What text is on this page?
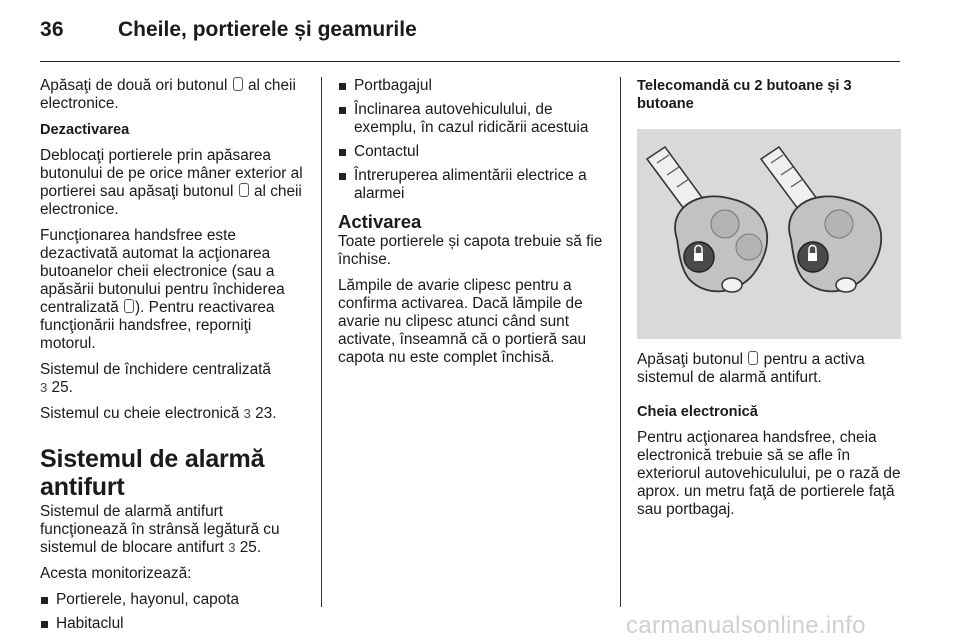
36	Cheile, portierele și geamurile

Apăsaţi de două ori butonul al cheii electronice.

Dezactivarea

Deblocaţi portierele prin apăsarea butonului de pe orice mâner exterior al portierei sau apăsaţi butonul al cheii electronice.

Funcţionarea handsfree este dezactivată automat la acţionarea butoanelor cheii electronice (sau a apăsării butonului pentru închiderea centralizată ). Pentru reactivarea funcţionării handsfree, reporniţi motorul.

Sistemul de închidere centralizată
3 25.

Sistemul cu cheie electronică 3 23.

Sistemul de alarmă antifurt

Sistemul de alarmă antifurt funcţionează în strânsă legătură cu sistemul de blocare antifurt 3 25.

Acesta monitorizează:

Portierele, hayonul, capota
Habitaclul
Portbagajul
Înclinarea autovehiculului, de exemplu, în cazul ridicării acestuia
Contactul
Întreruperea alimentării electrice a alarmei
Activarea

Toate portierele și capota trebuie să fie închise.

Lămpile de avarie clipesc pentru a confirma activarea. Dacă lămpile de avarie nu clipesc atunci când sunt activate, înseamnă că o portieră sau capota nu este complet închisă.

Telecomandă cu 2 butoane și 3 butoane

Apăsaţi butonul pentru a activa sistemul de alarmă antifurt.

Cheia electronică

Pentru acţionarea handsfree, cheia electronică trebuie să se afle în exteriorul autovehiculului, pe o rază de aprox. un metru faţă de portierele faţă sau portbagaj.

carmanualsonline.info
